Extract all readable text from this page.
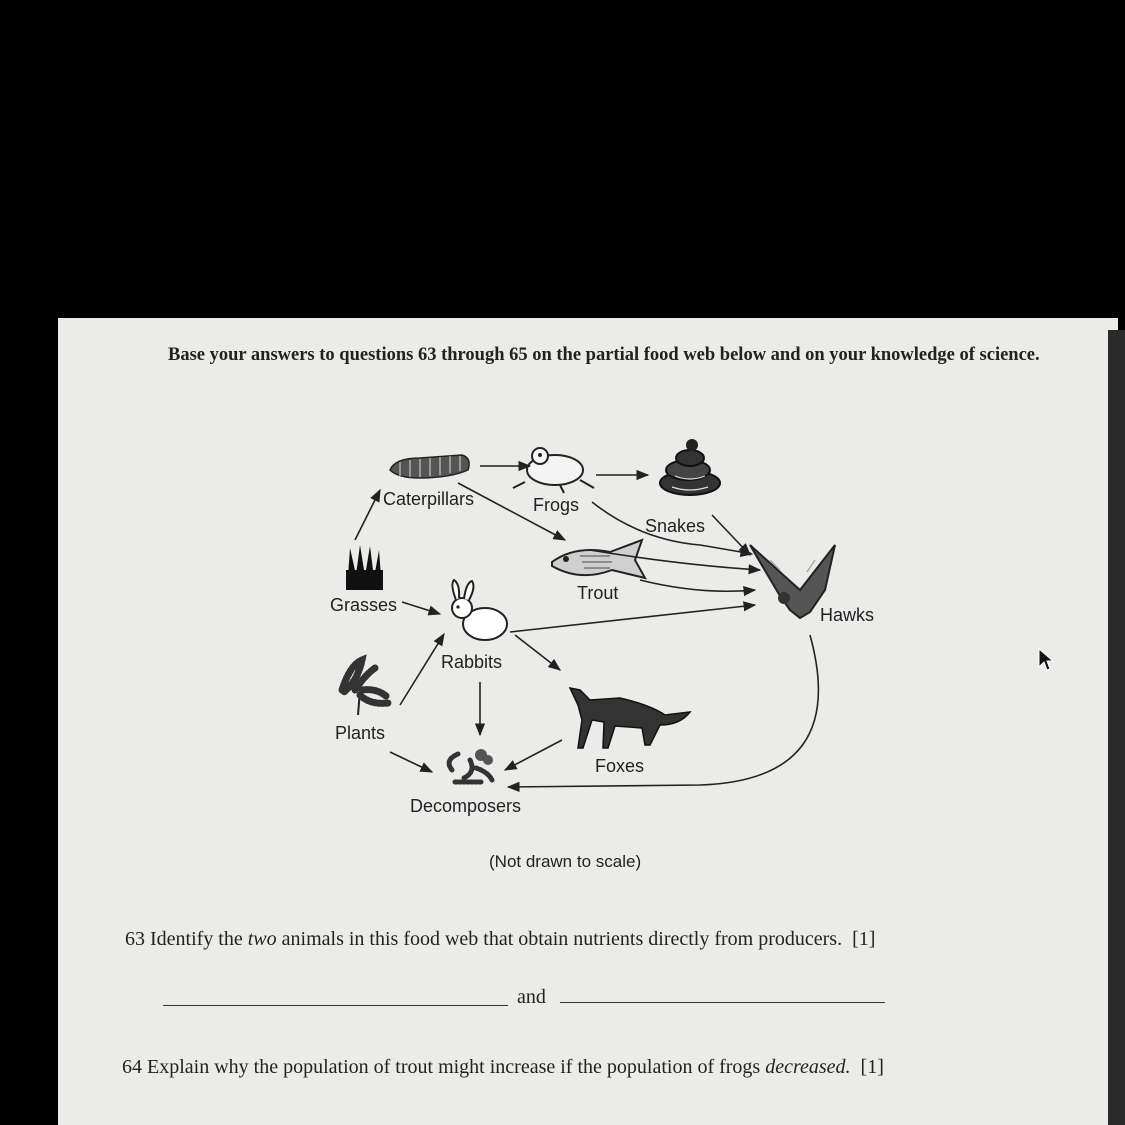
Base your answers to questions 63 through 65 on the partial food web below and on your knowledge of science.
Caterpillars	Frogs
Snakes
Trout
Grasses
Rabbits
Hawks
Plants
Foxes
Decomposers
(Not drawn to scale)
63 Identify the two animals in this food web that obtain nutrients directly from producers. [1]
and
64 Explain why the population of trout might increase if the population of frogs decreased. [1]
